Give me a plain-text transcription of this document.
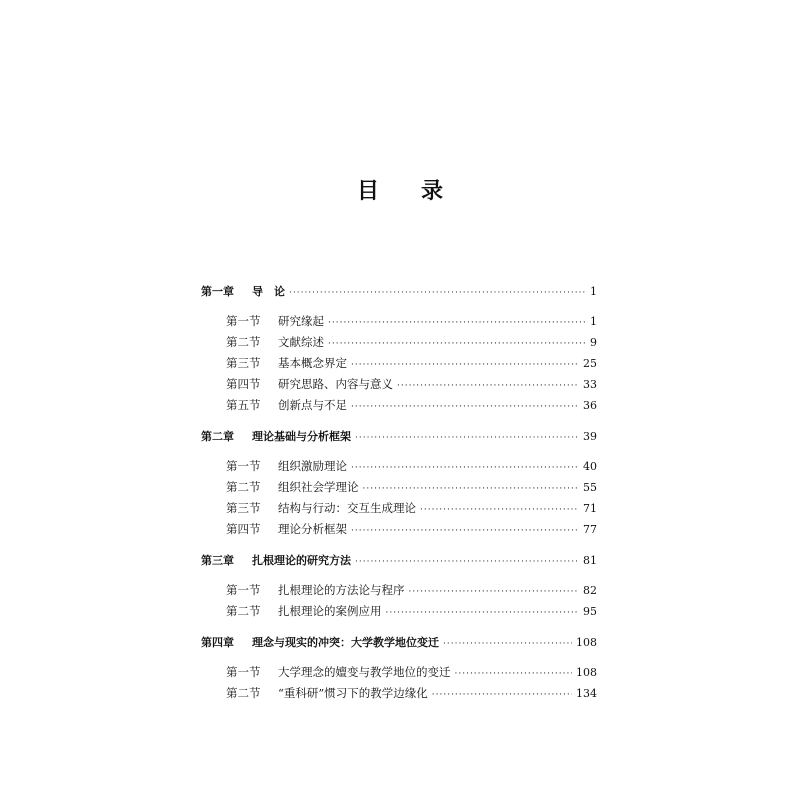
目 录
第一章	导　论 ·····	1
第一节	研究缘起 ·····	1
第二节	文献综述 ·····	9
第三节	基本概念界定 ·····	25
第四节	研究思路、内容与意义 ·····	33
第五节	创新点与不足 ·····	36
第二章	理论基础与分析框架 ·····	39
第一节	组织激励理论 ·····	40
第二节	组织社会学理论 ·····	55
第三节	结构与行动：交互生成理论 ·····	71
第四节	理论分析框架 ·····	77
第三章	扎根理论的研究方法 ·····	81
第一节	扎根理论的方法论与程序 ·····	82
第二节	扎根理论的案例应用 ·····	95
第四章	理念与现实的冲突：大学教学地位变迁 ·····	108
第一节	大学理念的嬗变与教学地位的变迁 ·····	108
第二节	“重科研”惯习下的教学边缘化 ·····	134
